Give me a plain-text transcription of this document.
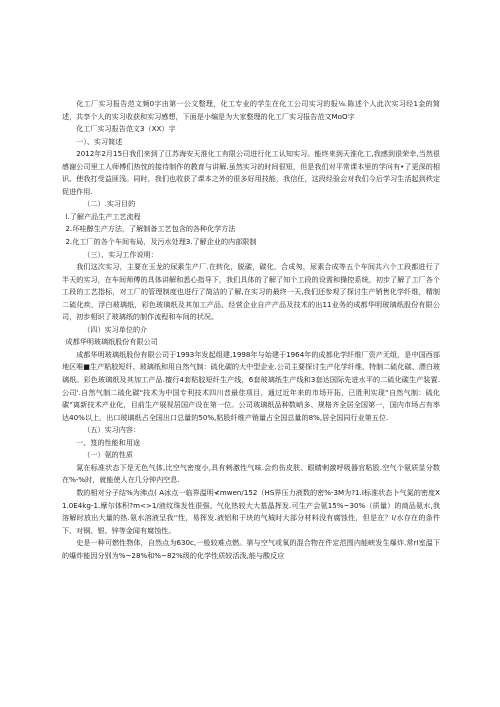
化工厂实习报告范文频0字由第一公文整理，化工专业的学生在化工公司实习的报⅛.陈述个人此次实习经1金的简述，共享个人的实习收获和实习感想，下面是小编是为大家整理的化工厂实习报告范文MoO字

化工厂实习报告范文3（XX）字

一）、实习简述

2012年2月15日我们来到了江苏海安天淮化工有限公司进行化工认知实习。能终来到天淮化工,我感到很荣幸,当然很感谢公司里工人师傅们热忱的接待制作的教育与讲解.虽然实习的时间很短，但是我们对平常课本里的学问有•了更深的相识、使我打受益匪浅。同时，我们也收获了课本之外的很多好用技能，我信任，这段经验会对我们今后学习生活起到秩定促进作用.

（二）.实习目的

l.了解产品生产工艺流程

2.环哇醇生产方法，了解制备工艺包含的各种化学方法

2.化工厂的各个车间布局，及污水处理3.了解企业的内部限制

（三）、实习工作说明：

我们这次实习，主要在玉龙的尿素生产厂.在转化，脱碳，碳化，合成匆，尿素合成等五个车间共六个工段都进行了半天的实习，在车间师傅的具体讲解和悉心指导下，我们具体的了解了知个工段的设需和操控系统，初步了解了工厂各个工段的工艺指标，对工厂的管理制度也进行了简洁的了解,在实习的最终一天,我们还参观了探讨生产销售化学纤维，精制二硫化疾，浮白玻璃纸，彩色玻璃纸及其加工产品、经营企业自产产品及技术的出11业务的成都华明玻璃纸股份有限公司，初步相识了玻璃纸的制作流程和车间的状况。

（四）实习单位的介

成都华明玻璃纸股份有限公司

成都华明玻璃纸股份有限公司于1993年发起组建,1998年与始建于1964年的成都化学纤维厂资产无组，是中国西部地区唯■生产粘胶短纤、玻璃纸和用自然气制：硫化碳的大中型企业.公司主要探讨生产化学纤维、特制二硫化碳、漂白玻璃纸、彩色玻璃纸及其加工产品.擅行4套粘胶短纤生产线，6套玻璃纸生产线和3套达国际先进水平的二硫化碳生产装置.公司'.自然气制二硫化碳"技术为中国专利技术四川昔最佳项目，通过近年来的市场开拓，已胜利实现“自然气制：硫化碳”离新技术产业化，目前生产展视居国产设在第一位。公司玻璃纸品种数峭多、规格齐全居全国第一，国内市场占有率达40%以上，出口玻璃纸占全国出口总量的50%,粘股纤维产销量占全国总量的8%,居全国同行业第五位.

（五）实习内容：

一、笈的性能和用途

（一）氨的性质

氮在标准状态下是无色气体,比空气密度小,具有剌激性气味.会灼伤皮肤、眼睛剌激呼吸器官粘股.空气个氨质显分数在%-%时，就能使人在几分钟内空息.

数的相对分子结%为沸点( A冰点一临界温明≮mwen/152（HS界压力液数的密%-3M为?1.I标准状态卜气氮的密度X1.0E4kg-1.摩尔体积?m<>1/液纹珠发性很强。气化热较大大基晶挥发.可生产会氨15%~30%（质量）的商品氨水,我溶解时放出大量的热.氨水溶液呈我‘'性，易挥发.液铝和干块的气城时大部分材料没有腐蚀性，但是在？I/水存在的条件下、对铜、银、锌等金闻有腐蚀性。

史是一种可燃性物体，自然点为630c,一般较难点燃。第与空气或氧的混合物在件定范围内能峡发生爆炸.常rI室温下的爆炸能因分别为%~28%和%~82%级的化学性质较活泼,能与酸反应
